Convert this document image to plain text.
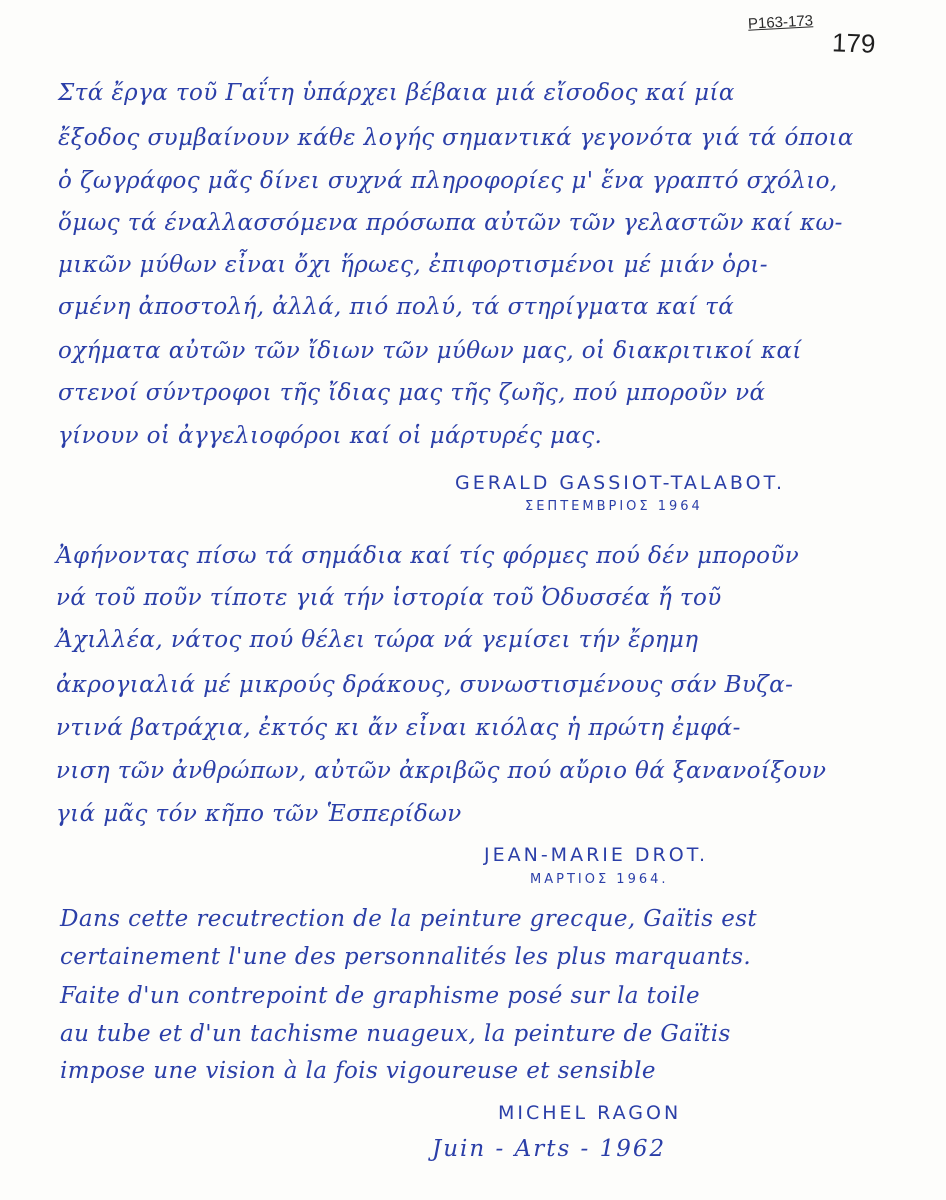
P163-173
179
Στά ἔργα τοῦ Γαΐτη ὑπάρχει βέβαια μιά εἴσοδος καί μία
ἔξοδος συμβαίνουν κάθε λογής σημαντικά γεγονότα γιά τά όποια
ὁ ζωγράφος μᾶς δίνει συχνά πληροφορίες μ' ἕνα γραπτό σχόλιο,
ὅμως τά έναλλασσόμενα πρόσωπα αὐτῶν τῶν γελαστῶν καί κω-
μικῶν μύθων εἶναι ὄχι ἥρωες, ἐπιφορτισμένοι μέ μιάν ὁρι-
σμένη ἀποστολή, ἀλλά, πιό πολύ, τά στηρίγματα καί τά
οχήματα αὐτῶν τῶν ἴδιων τῶν μύθων μας, οἱ διακριτικοί καί
στενοί σύντροφοι τῆς ἴδιας μας τῆς ζωῆς, πού μποροῦν νά
γίνουν οἱ ἀγγελιοφόροι καί οἱ μάρτυρές μας.
GERALD GASSIOT-TALABOT.
ΣΕΠΤΕΜΒΡΙΟΣ 1964
Ἀφήνοντας πίσω τά σημάδια καί τίς φόρμες πού δέν μποροῦν
νά τοῦ ποῦν τίποτε γιά τήν ἱστορία τοῦ Ὀδυσσέα ἤ τοῦ
Ἀχιλλέα, νάτος πού θέλει τώρα νά γεμίσει τήν ἔρημη
ἀκρογιαλιά μέ μικρούς δράκους, συνωστισμένους σάν Βυζα-
ντινά βατράχια, ἐκτός κι ἄν εἶναι κιόλας ἡ πρώτη ἐμφά-
νιση τῶν ἀνθρώπων, αὐτῶν ἀκριβῶς πού αὔριο θά ξανανοίξουν
γιά μᾶς τόν κῆπο τῶν Ἑσπερίδων
JEAN-MARIE DROT.
ΜΑΡΤΙΟΣ 1964.
Dans cette recutrection de la peinture grecque, Gaïtis est
certainement l'une des personnalités les plus marquants.
Faite d'un contrepoint de graphisme posé sur la toile
au tube et d'un tachisme nuageux, la peinture de Gaïtis
impose une vision à la fois vigoureuse et sensible
MICHEL RAGON
Juin - Arts - 1962
